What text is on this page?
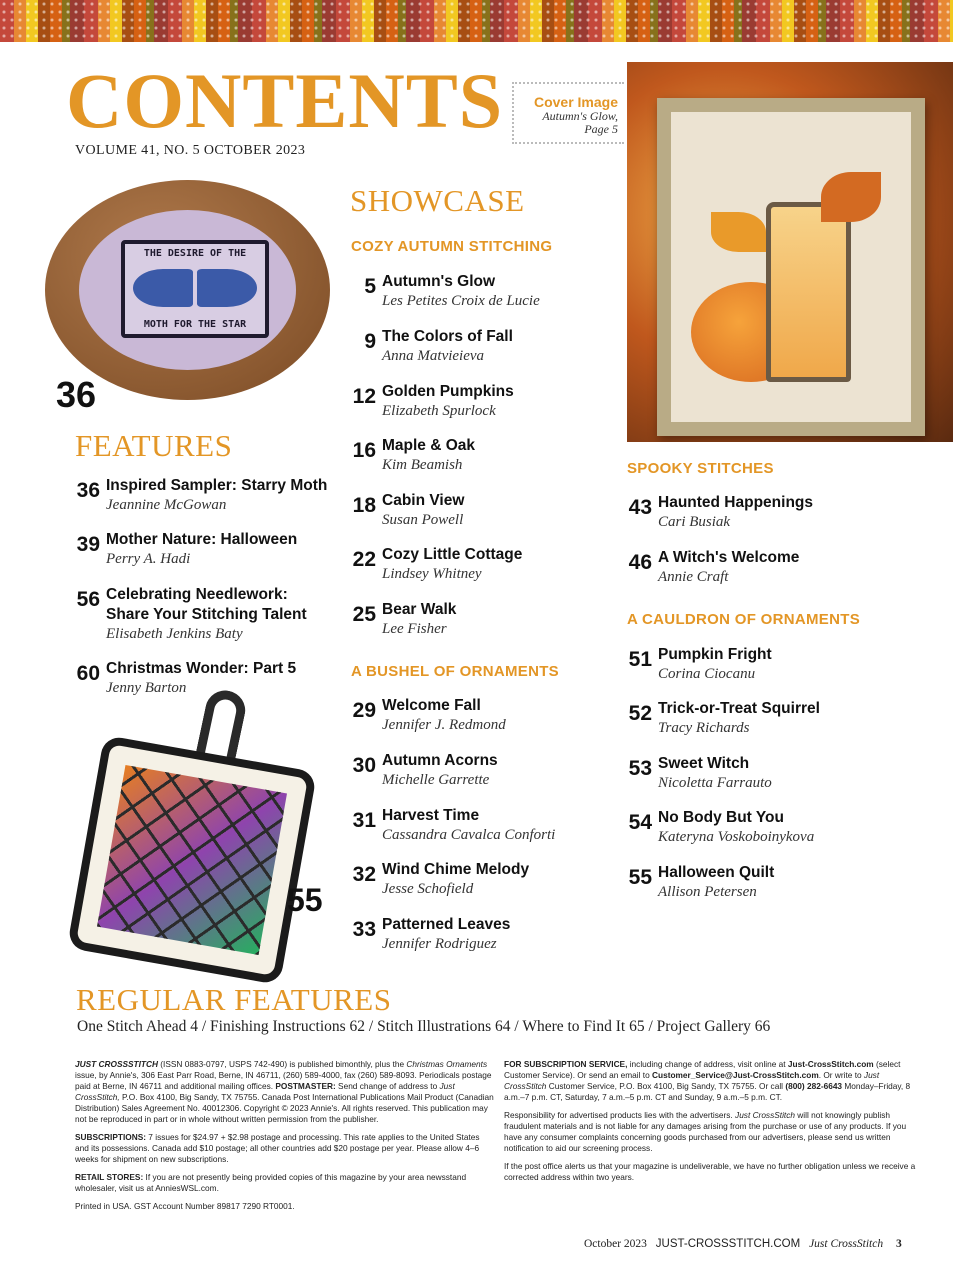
CONTENTS
VOLUME 41, NO. 5 OCTOBER 2023
Cover Image
Autumn's Glow,
Page 5
THE DESIRE OF THE
MOTH FOR THE STAR
36
FEATURES
36 Inspired Sampler: Starry Moth
Jeannine McGowan
39 Mother Nature: Halloween
Perry A. Hadi
56 Celebrating Needlework:
Share Your Stitching Talent
Elisabeth Jenkins Baty
60 Christmas Wonder: Part 5
Jenny Barton
55
SHOWCASE
COZY AUTUMN STITCHING
5 Autumn's Glow
Les Petites Croix de Lucie
9 The Colors of Fall
Anna Matvieieva
12 Golden Pumpkins
Elizabeth Spurlock
16 Maple & Oak
Kim Beamish
18 Cabin View
Susan Powell
22 Cozy Little Cottage
Lindsey Whitney
25 Bear Walk
Lee Fisher
A BUSHEL OF ORNAMENTS
29 Welcome Fall
Jennifer J. Redmond
30 Autumn Acorns
Michelle Garrette
31 Harvest Time
Cassandra Cavalca Conforti
32 Wind Chime Melody
Jesse Schofield
33 Patterned Leaves
Jennifer Rodriguez
SPOOKY STITCHES
43 Haunted Happenings
Cari Busiak
46 A Witch's Welcome
Annie Craft
A CAULDRON OF ORNAMENTS
51 Pumpkin Fright
Corina Ciocanu
52 Trick-or-Treat Squirrel
Tracy Richards
53 Sweet Witch
Nicoletta Farrauto
54 No Body But You
Kateryna Voskoboinykova
55 Halloween Quilt
Allison Petersen
REGULAR FEATURES
One Stitch Ahead 4 / Finishing Instructions 62 / Stitch Illustrations 64 / Where to Find It 65 / Project Gallery 66

JUST CROSSSTITCH (ISSN 0883-0797, USPS 742-490) is published bimonthly, plus the Christmas Ornaments issue, by Annie's, 306 East Parr Road, Berne, IN 46711, (260) 589-4000, fax (260) 589-8093. Periodicals postage paid at Berne, IN 46711 and additional mailing offices. POSTMASTER: Send change of address to Just CrossStitch, P.O. Box 4100, Big Sandy, TX 75755. Canada Post International Publications Mail Product (Canadian Distribution) Sales Agreement No. 40012306. Copyright © 2023 Annie's. All rights reserved. This publication may not be reproduced in part or in whole without written permission from the publisher.

SUBSCRIPTIONS: 7 issues for $24.97 + $2.98 postage and processing. This rate applies to the United States and its possessions. Canada add $10 postage; all other countries add $20 postage per year. Please allow 4–6 weeks for shipment on new subscriptions.

RETAIL STORES: If you are not presently being provided copies of this magazine by your area newsstand wholesaler, visit us at AnniesWSL.com.

Printed in USA. GST Account Number 89817 7290 RT0001.

FOR SUBSCRIPTION SERVICE, including change of address, visit online at Just-CrossStitch.com (select Customer Service). Or send an email to Customer_Service@Just-CrossStitch.com. Or write to Just CrossStitch Customer Service, P.O. Box 4100, Big Sandy, TX 75755. Or call (800) 282-6643 Monday–Friday, 8 a.m.–7 p.m. CT, Saturday, 7 a.m.–5 p.m. CT and Sunday, 9 a.m.–5 p.m. CT.

Responsibility for advertised products lies with the advertisers. Just CrossStitch will not knowingly publish fraudulent materials and is not liable for any damages arising from the purchase or use of any products. If you have any consumer complaints concerning goods purchased from our advertisers, please send us written notification to aid our screening process.

If the post office alerts us that your magazine is undeliverable, we have no further obligation unless we receive a corrected address within two years.

October 2023 JUST-CROSSSTITCH.COM Just CrossStitch 3
